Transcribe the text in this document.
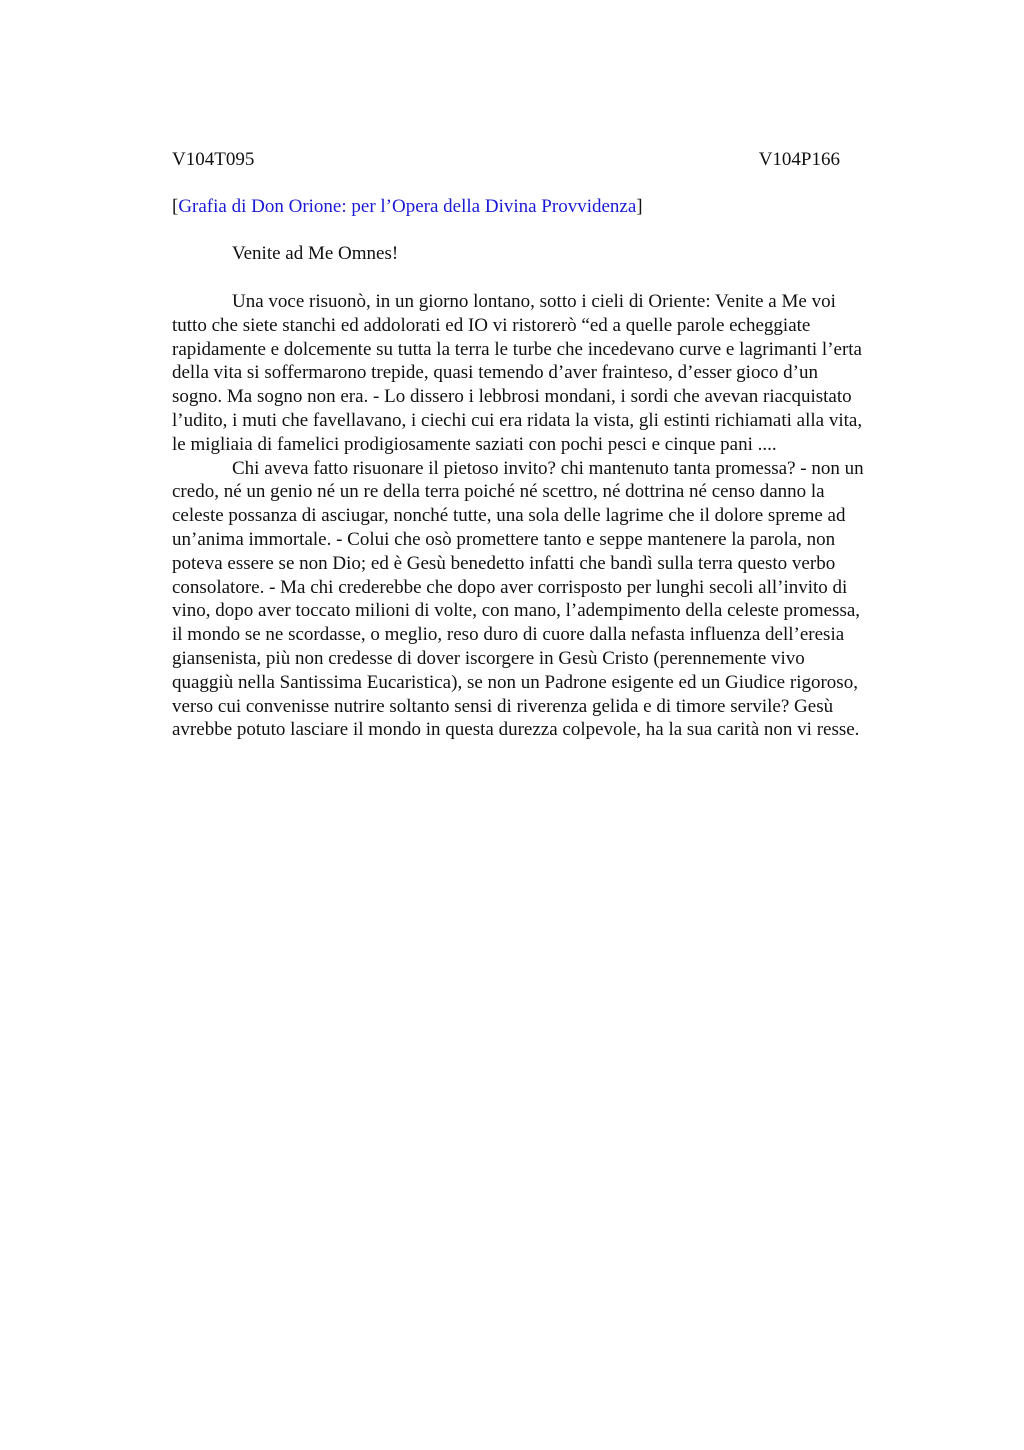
V104T095	V104P166
[Grafia di Don Orione: per l’Opera della Divina Provvidenza]
Venite ad Me Omnes!
Una voce risuonò, in un giorno lontano, sotto i cieli di Oriente: Venite a Me voi
tutto che siete stanchi ed addolorati ed IO vi ristorerò “ed a quelle parole echeggiate
rapidamente e dolcemente su tutta la terra le turbe che incedevano curve e lagrimanti l’erta
della vita si soffermarono trepide, quasi temendo d’aver frainteso, d’esser gioco d’un
sogno. Ma sogno non era. - Lo dissero i lebbrosi mondani, i sordi che avevan riacquistato
l’udito, i muti che favellavano, i ciechi cui era ridata la vista, gli estinti richiamati alla vita,
le migliaia di famelici prodigiosamente saziati con pochi pesci e cinque pani ....
Chi aveva fatto risuonare il pietoso invito? chi mantenuto tanta promessa? - non un
credo, né un genio né un re della terra poiché né scettro, né dottrina né censo danno la
celeste possanza di asciugar, nonché tutte, una sola delle lagrime che il dolore spreme ad
un’anima immortale. - Colui che osò promettere tanto e seppe mantenere la parola, non
poteva essere se non Dio; ed è Gesù benedetto infatti che bandì sulla terra questo verbo
consolatore. - Ma chi crederebbe che dopo aver corrisposto per lunghi secoli all’invito di
vino, dopo aver toccato milioni di volte, con mano, l’adempimento della celeste promessa,
il mondo se ne scordasse, o meglio, reso duro di cuore dalla nefasta influenza dell’eresia
giansenista, più non credesse di dover iscorgere in Gesù Cristo (perennemente vivo
quaggiù nella Santissima Eucaristica), se non un Padrone esigente ed un Giudice rigoroso,
verso cui convenisse nutrire soltanto sensi di riverenza gelida e di timore servile? Gesù
avrebbe potuto lasciare il mondo in questa durezza colpevole, ha la sua carità non vi resse.
